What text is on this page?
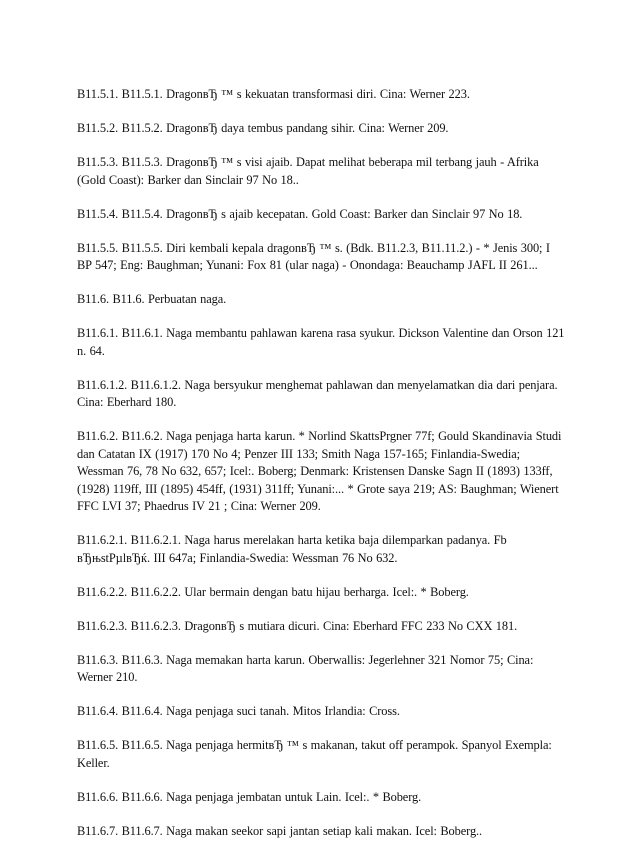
B11.5.1. B11.5.1. DragonвЂ ™ s kekuatan transformasi diri. Cina: Werner 223.

B11.5.2. B11.5.2. DragonвЂ daya tembus pandang sihir. Cina: Werner 209.

B11.5.3. B11.5.3. DragonвЂ ™ s visi ajaib. Dapat melihat beberapa mil terbang jauh - Afrika (Gold Coast): Barker dan Sinclair 97 No 18..

B11.5.4. B11.5.4. DragonвЂ s ajaib kecepatan. Gold Coast: Barker dan Sinclair 97 No 18.

B11.5.5. B11.5.5. Diri kembali kepala dragonвЂ ™ s. (Bdk. B11.2.3, B11.11.2.) - * Jenis 300; I BP 547; Eng: Baughman; Yunani: Fox 81 (ular naga) - Onondaga: Beauchamp JAFL II 261...

B11.6. B11.6. Perbuatan naga.

B11.6.1. B11.6.1. Naga membantu pahlawan karena rasa syukur. Dickson Valentine dan Orson 121 n. 64.

B11.6.1.2. B11.6.1.2. Naga bersyukur menghemat pahlawan dan menyelamatkan dia dari penjara. Cina: Eberhard 180.

B11.6.2. B11.6.2. Naga penjaga harta karun. * Norlind SkattsPrgner 77f; Gould Skandinavia Studi dan Catatan IX (1917) 170 No 4; Penzer III 133; Smith Naga 157-165; Finlandia-Swedia; Wessman 76, 78 No 632, 657; Icel:. Boberg; Denmark: Kristensen Danske Sagn II (1893) 133ff, (1928) 119ff, III (1895) 454ff, (1931) 311ff; Yunani:... * Grote saya 219; AS: Baughman; Wienert FFC LVI 37; Phaedrus IV 21 ; Cina: Werner 209.

B11.6.2.1. B11.6.2.1. Naga harus merelakan harta ketika baja dilemparkan padanya. Fb вЂњstРµlвЂќ. III 647a; Finlandia-Swedia: Wessman 76 No 632.

B11.6.2.2. B11.6.2.2. Ular bermain dengan batu hijau berharga. Icel:. * Boberg.

B11.6.2.3. B11.6.2.3. DragonвЂ s mutiara dicuri. Cina: Eberhard FFC 233 No CXX 181.

B11.6.3. B11.6.3. Naga memakan harta karun. Oberwallis: Jegerlehner 321 Nomor 75; Cina: Werner 210.

B11.6.4. B11.6.4. Naga penjaga suci tanah. Mitos Irlandia: Cross.

B11.6.5. B11.6.5. Naga penjaga hermitвЂ ™ s makanan, takut off perampok. Spanyol Exempla: Keller.

B11.6.6. B11.6.6. Naga penjaga jembatan untuk Lain. Icel:. * Boberg.

B11.6.7. B11.6.7. Naga makan seekor sapi jantan setiap kali makan. Icel: Boberg..
